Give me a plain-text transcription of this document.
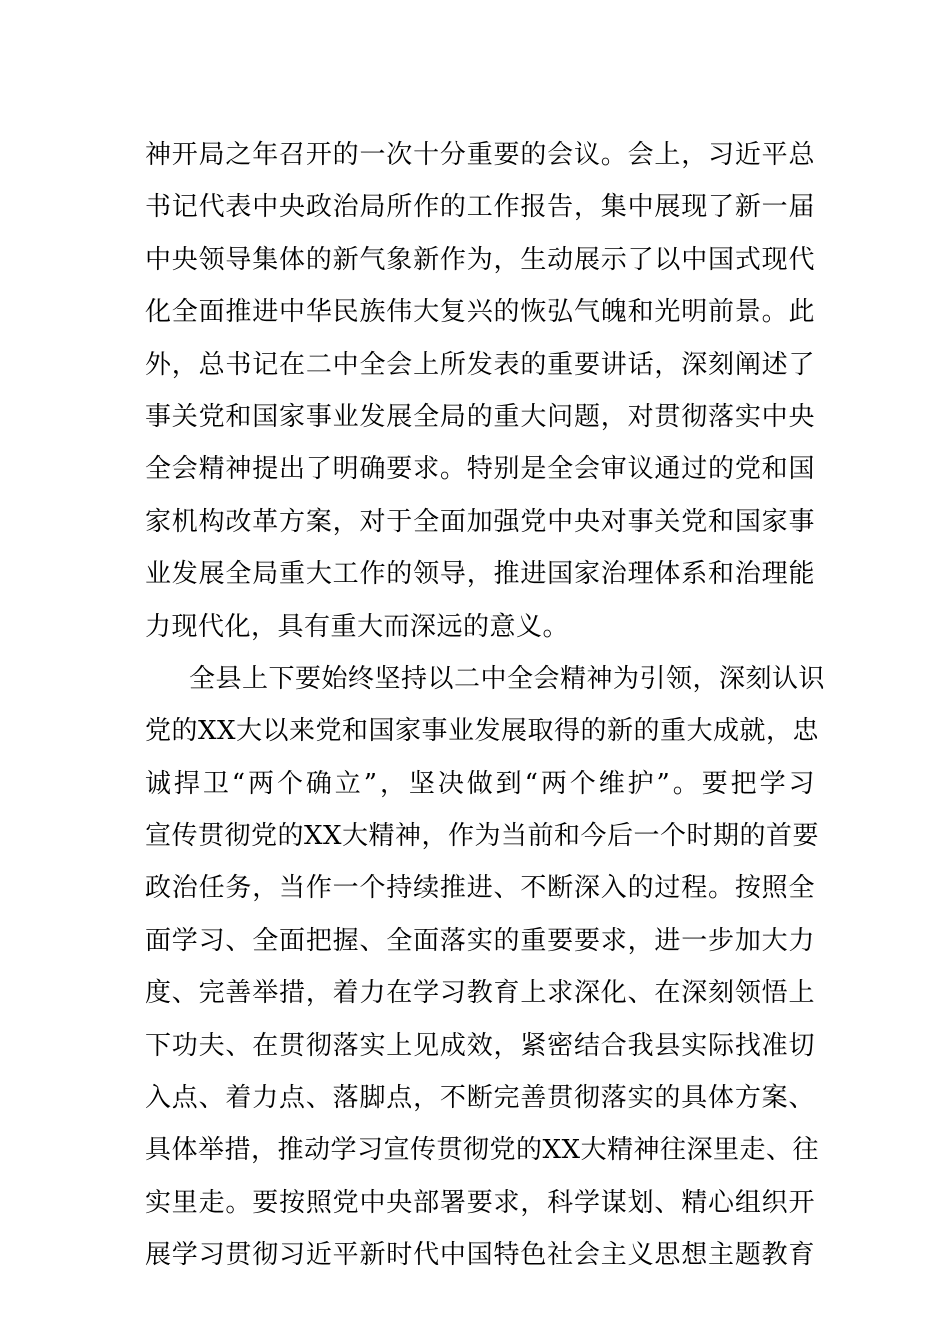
神开局之年召开的一次十分重要的会议。会上，习近平总
书记代表中央政治局所作的工作报告，集中展现了新一届
中央领导集体的新气象新作为，生动展示了以中国式现代
化全面推进中华民族伟大复兴的恢弘气魄和光明前景。此
外，总书记在二中全会上所发表的重要讲话，深刻阐述了
事关党和国家事业发展全局的重大问题，对贯彻落实中央
全会精神提出了明确要求。特别是全会审议通过的党和国
家机构改革方案，对于全面加强党中央对事关党和国家事
业发展全局重大工作的领导，推进国家治理体系和治理能
力现代化，具有重大而深远的意义。
全县上下要始终坚持以二中全会精神为引领，深刻认识
党的XX大以来党和国家事业发展取得的新的重大成就，忠
诚捍卫“两个确立”，坚决做到“两个维护”。要把学习
宣传贯彻党的XX大精神，作为当前和今后一个时期的首要
政治任务，当作一个持续推进、不断深入的过程。按照全
面学习、全面把握、全面落实的重要要求，进一步加大力
度、完善举措，着力在学习教育上求深化、在深刻领悟上
下功夫、在贯彻落实上见成效，紧密结合我县实际找准切
入点、着力点、落脚点，不断完善贯彻落实的具体方案、
具体举措，推动学习宣传贯彻党的XX大精神往深里走、往
实里走。要按照党中央部署要求，科学谋划、精心组织开
展学习贯彻习近平新时代中国特色社会主义思想主题教育
